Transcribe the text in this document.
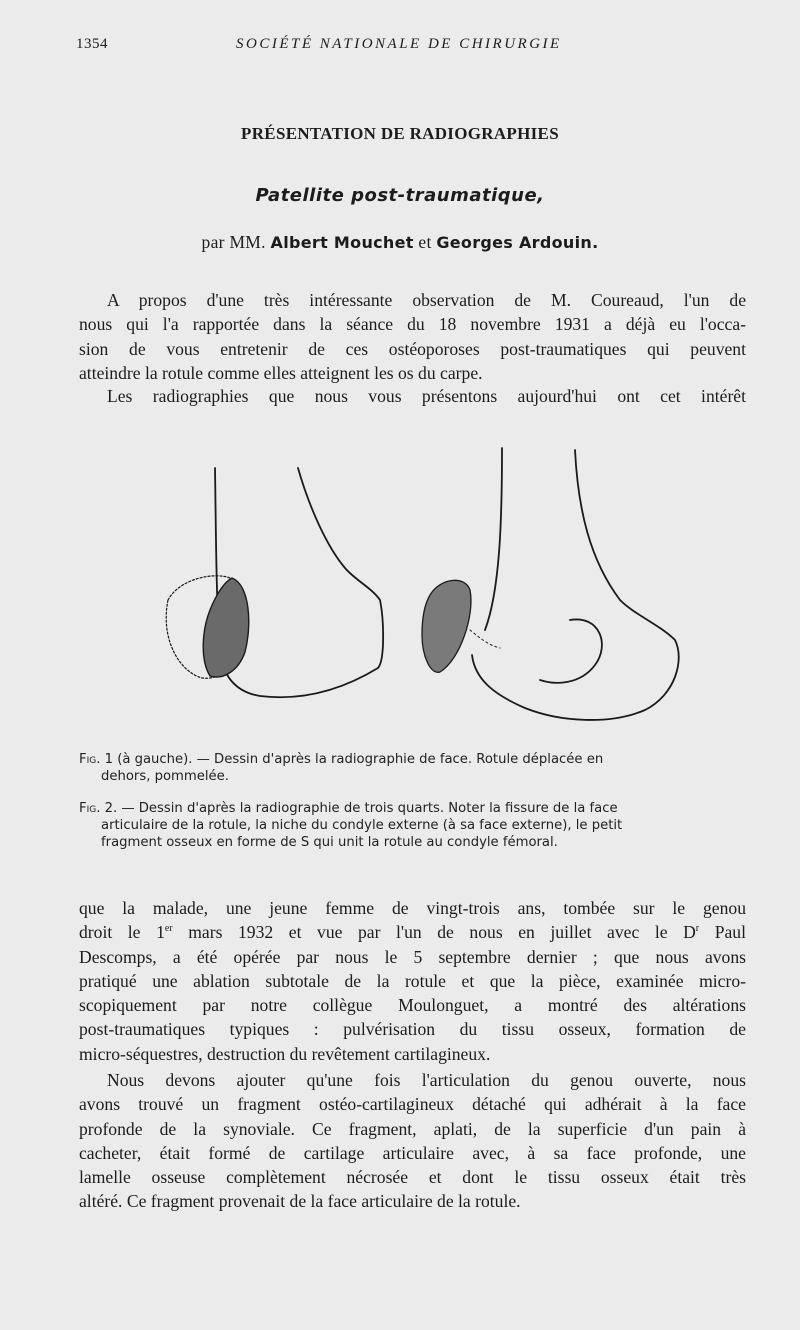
1354	SOCIÉTÉ NATIONALE DE CHIRURGIE
PRÉSENTATION DE RADIOGRAPHIES
Patellite post-traumatique,
par MM. Albert Mouchet et Georges Ardouin.
A propos d'une très intéressante observation de M. Coureaud, l'un de
nous qui l'a rapportée dans la séance du 18 novembre 1931 a déjà eu l'occa-
sion de vous entretenir de ces ostéoporoses post-traumatiques qui peuvent
atteindre la rotule comme elles atteignent les os du carpe.
Les radiographies que nous vous présentons aujourd'hui ont cet intérêt
Fig. 1 (à gauche). — Dessin d'après la radiographie de face. Rotule déplacée en
dehors, pommelée.
Fig. 2. — Dessin d'après la radiographie de trois quarts. Noter la fissure de la face
articulaire de la rotule, la niche du condyle externe (à sa face externe), le petit
fragment osseux en forme de S qui unit la rotule au condyle fémoral.
que la malade, une jeune femme de vingt-trois ans, tombée sur le genou
droit le 1er mars 1932 et vue par l'un de nous en juillet avec le $D^r$ Paul
Descomps, a été opérée par nous le 5 septembre dernier ; que nous avons
pratiqué une ablation subtotale de la rotule et que la pièce, examinée micro-
scopiquement par notre collègue Moulonguet, a montré des altérations
post-traumatiques typiques : pulvérisation du tissu osseux, formation de
micro-séquestres, destruction du revêtement cartilagineux.
Nous devons ajouter qu'une fois l'articulation du genou ouverte, nous
avons trouvé un fragment ostéo-cartilagineux détaché qui adhérait à la face
profonde de la synoviale. Ce fragment, aplati, de la superficie d'un pain à
cacheter, était formé de cartilage articulaire avec, à sa face profonde, une
lamelle osseuse complètement nécrosée et dont le tissu osseux était très
altéré. Ce fragment provenait de la face articulaire de la rotule.
